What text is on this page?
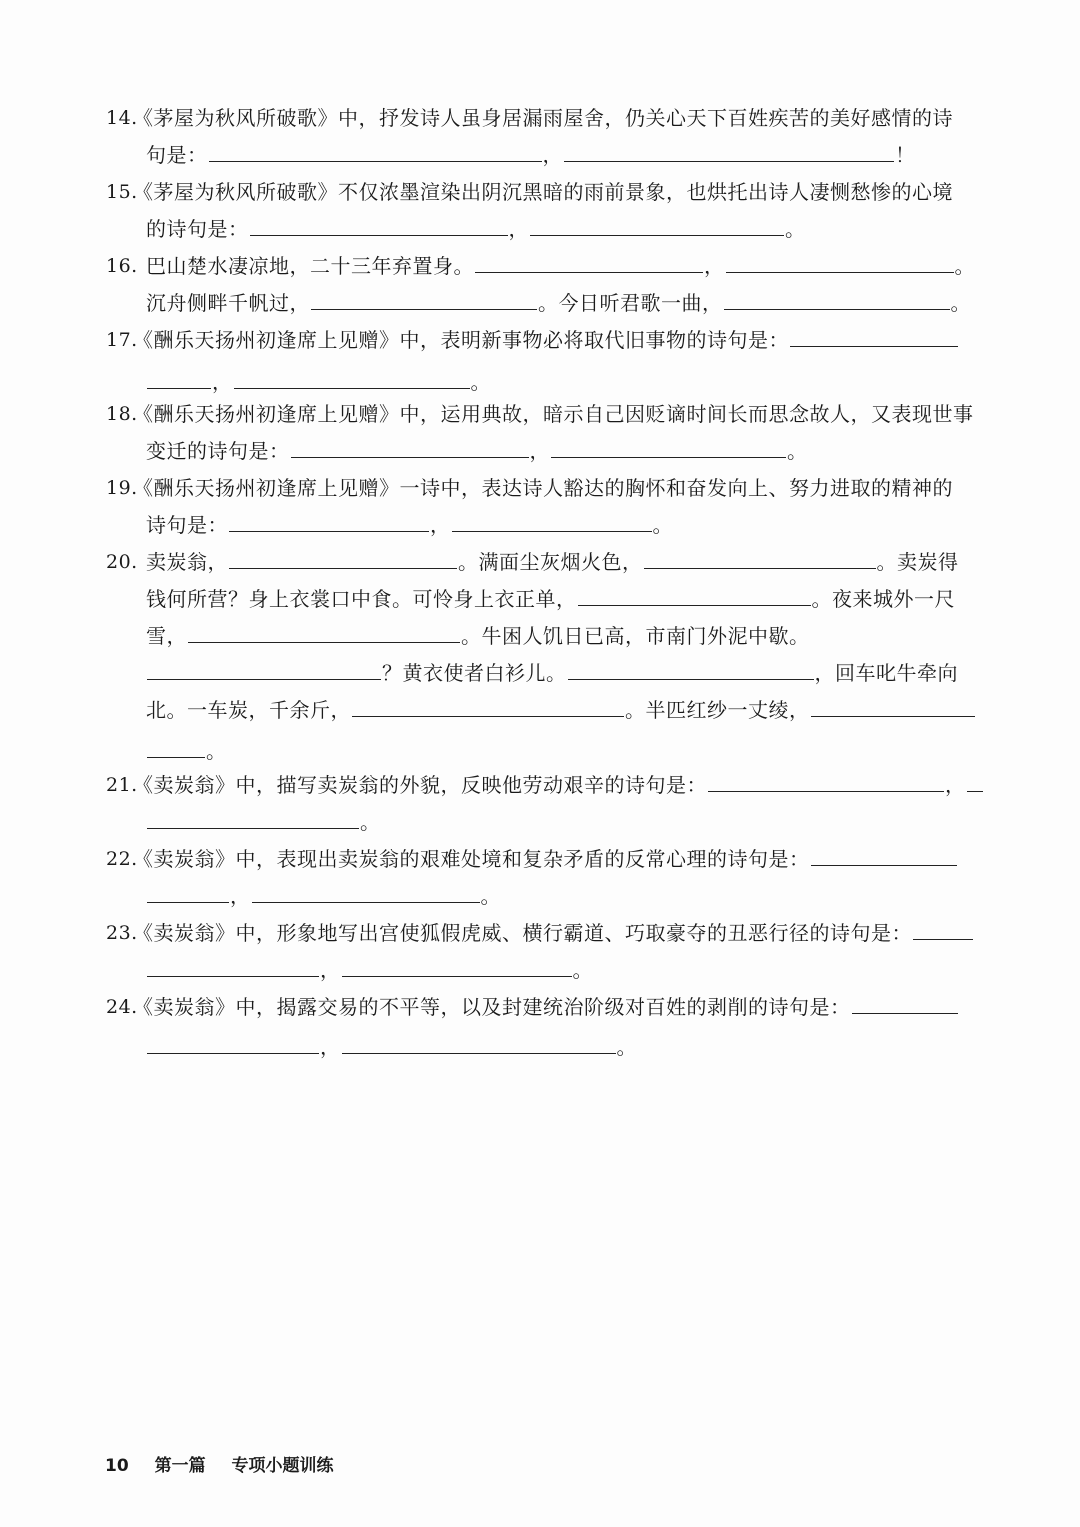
14.
《茅屋为秋风所破歌》中，抒发诗人虽身居漏雨屋舍，仍关心天下百姓疾苦的美好感情的诗
句是：	，	！
15.
《茅屋为秋风所破歌》不仅浓墨渲染出阴沉黑暗的雨前景象，也烘托出诗人凄恻愁惨的心境
的诗句是：	，	。
16. 巴山楚水凄凉地，二十三年弃置身。	，	。
沉舟侧畔千帆过，	。今日听君歌一曲，	。
17.
《酬乐天扬州初逢席上见赠》中，表明新事物必将取代旧事物的诗句是：
，	。
18.
《酬乐天扬州初逢席上见赠》中，运用典故，暗示自己因贬谪时间长而思念故人，又表现世事
变迁的诗句是：	，	。
19.
《酬乐天扬州初逢席上见赠》一诗中，表达诗人豁达的胸怀和奋发向上、努力进取的精神的
诗句是：	，	。
20. 卖炭翁，	。满面尘灰烟火色，	。卖炭得
钱何所营？身上衣裳口中食。可怜身上衣正单，	。夜来城外一尺
雪，	。牛困人饥日已高，市南门外泥中歇。
？黄衣使者白衫儿。	，回车叱牛牵向
北。一车炭，千余斤，	。半匹红纱一丈绫，
。
21.
《卖炭翁》中，描写卖炭翁的外貌，反映他劳动艰辛的诗句是：	，
。
22.
《卖炭翁》中，表现出卖炭翁的艰难处境和复杂矛盾的反常心理的诗句是：
，	。
23.
《卖炭翁》中，形象地写出宫使狐假虎威、横行霸道、巧取豪夺的丑恶行径的诗句是：
，	。
24.
《卖炭翁》中，揭露交易的不平等，以及封建统治阶级对百姓的剥削的诗句是：
，	。
10 第一篇 专项小题训练
